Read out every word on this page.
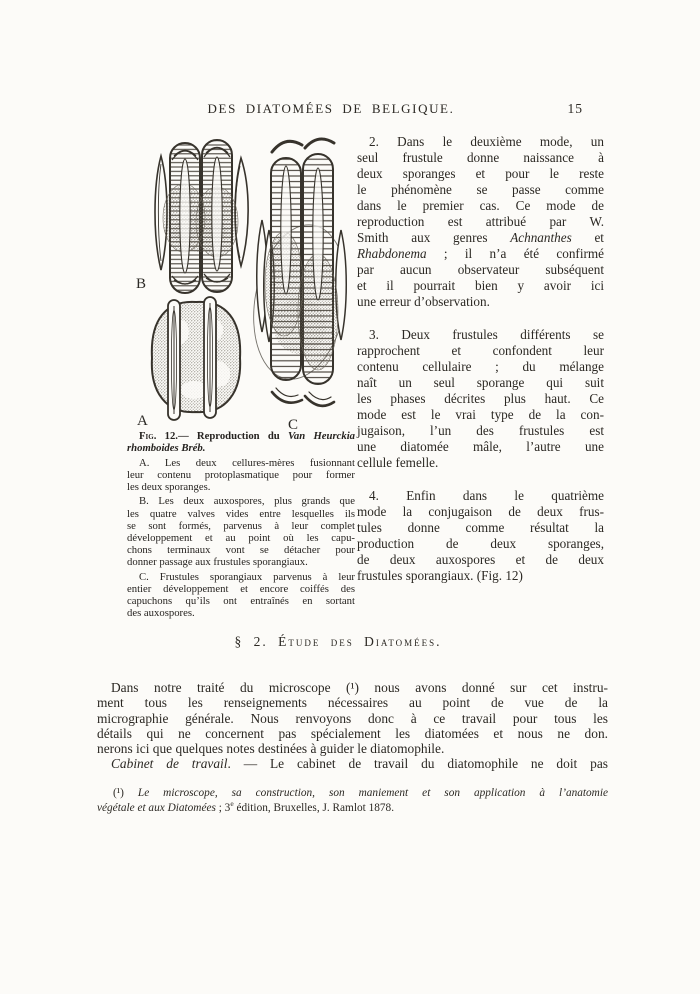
DES DIATOMÉES DE BELGIQUE.	15
B
A	C
Fig. 12.— Reproduction du Van Heurckia
rhomboides Bréb.
A. Les deux cellures-mères fusionnant
leur contenu protoplasmatique pour former
les deux sporanges.
B. Les deux auxospores, plus grands que
les quatre valves vides entre lesquelles ils
se sont formés, parvenus à leur complet
développement et au point où les capu-
chons terminaux vont se détacher pour
donner passage aux frustules sporangiaux.
C. Frustules sporangiaux parvenus à leur
entier développement et encore coiffés des
capuchons qu’ils ont entraînés en sortant
des auxospores.
2. Dans le deuxième mode, un
seul frustule donne naissance à
deux sporanges et pour le reste
le phénomène se passe comme
dans le premier cas. Ce mode de
reproduction est attribué par W.
Smith aux genres Achnanthes et
Rhabdonema ; il n’a été confirmé
par aucun observateur subséquent
et il pourrait bien y avoir ici
une erreur d’observation.
3. Deux frustules différents se
rapprochent et confondent leur
contenu cellulaire ; du mélange
naît un seul sporange qui suit
les phases décrites plus haut. Ce
mode est le vrai type de la con-
jugaison, l’un des frustules est
une diatomée mâle, l’autre une
cellule femelle.
4. Enfin dans le quatrième
mode la conjugaison de deux frus-
tules donne comme résultat la
production de deux sporanges,
de deux auxospores et de deux
frustules sporangiaux. (Fig. 12)
§ 2. Étude des Diatomées.
Dans notre traité du microscope (¹) nous avons donné sur cet instru-
ment tous les renseignements nécessaires au point de vue de la
micrographie générale. Nous renvoyons donc à ce travail pour tous les
détails qui ne concernent pas spécialement les diatomées et nous ne don.
nerons ici que quelques notes destinées à guider le diatomophile.
Cabinet de travail. — Le cabinet de travail du diatomophile ne doit pas
(¹) Le microscope, sa construction, son maniement et son application à l’anatomie
végétale et aux Diatomées ; 3e édition, Bruxelles, J. Ramlot 1878.
